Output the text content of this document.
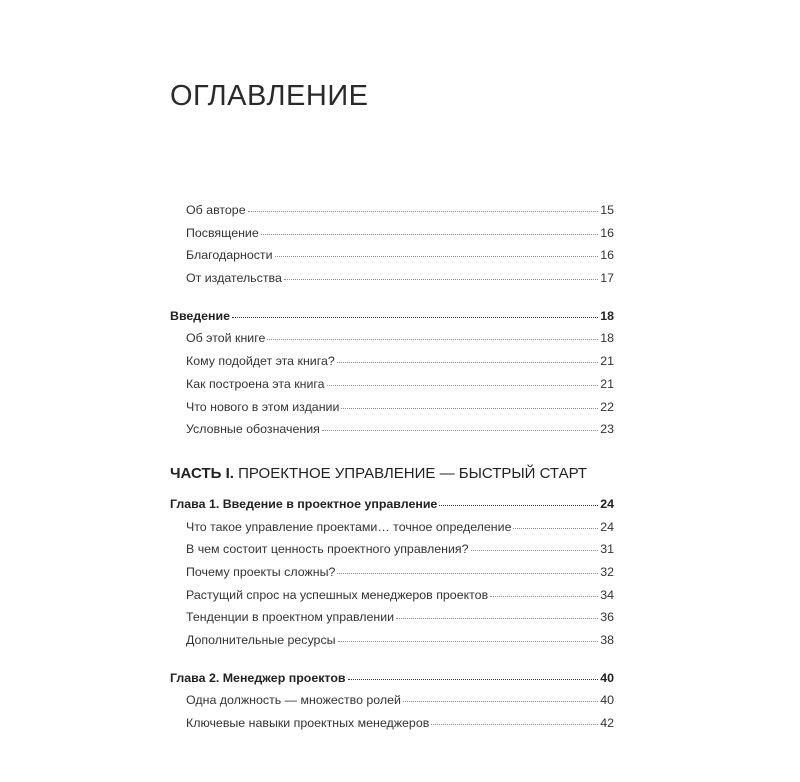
ОГЛАВЛЕНИЕ
Об авторе	15
Посвящение	16
Благодарности	16
От издательства	17
Введение	18
Об этой книге	18
Кому подойдет эта книга?	21
Как построена эта книга	21
Что нового в этом издании	22
Условные обозначения	23
ЧАСТЬ I. ПРОЕКТНОЕ УПРАВЛЕНИЕ — БЫСТРЫЙ СТАРТ
Глава 1. Введение в проектное управление	24
Что такое управление проектами… точное определение	24
В чем состоит ценность проектного управления?	31
Почему проекты сложны?	32
Растущий спрос на успешных менеджеров проектов	34
Тенденции в проектном управлении	36
Дополнительные ресурсы	38
Глава 2. Менеджер проектов	40
Одна должность — множество ролей	40
Ключевые навыки проектных менеджеров	42
